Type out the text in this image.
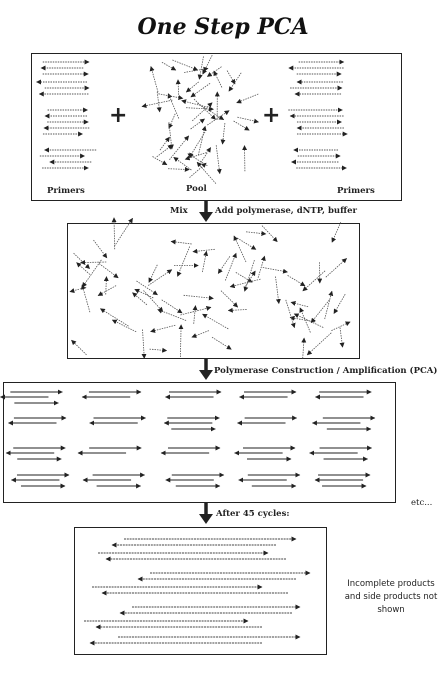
One Step PCA
+	+
Primers	Pool	Primers
Mix	Add polymerase, dNTP, buffer
Polymerase Construction / Amplification (PCA)
etc...
After 45 cycles:
Incomplete products
and side products not shown
